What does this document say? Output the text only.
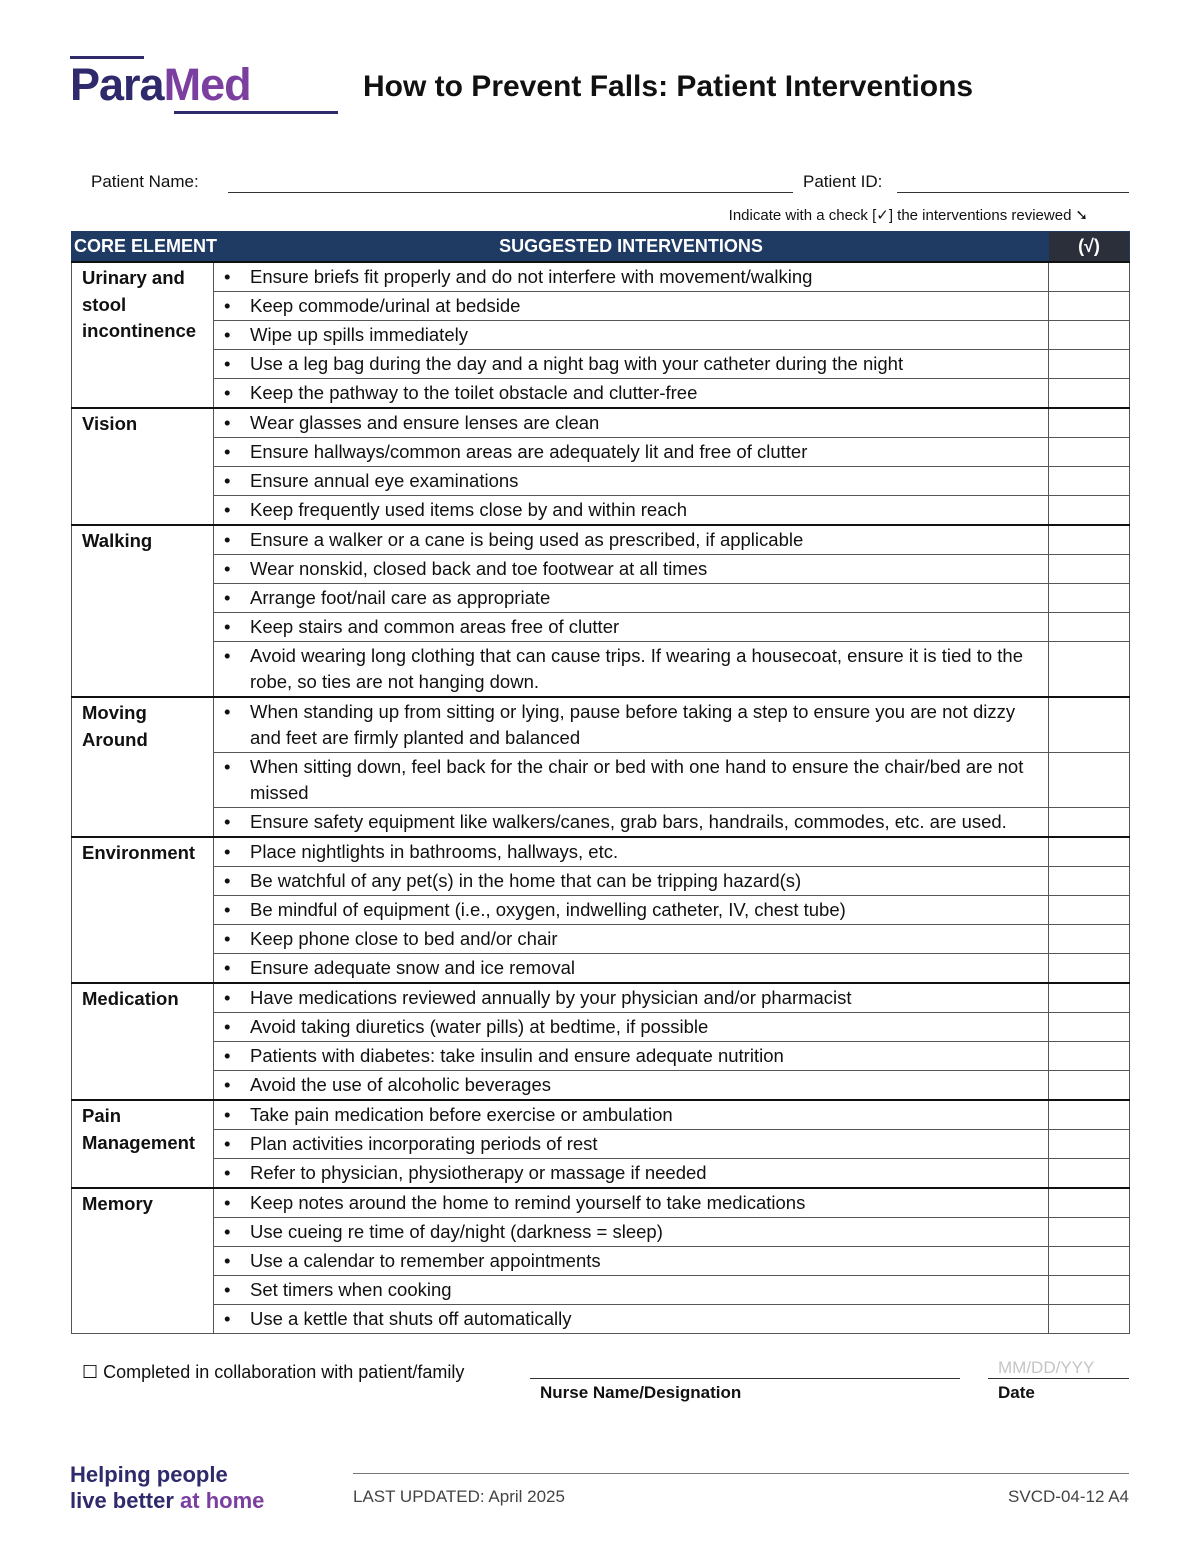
ParaMed	How to Prevent Falls: Patient Interventions
Patient Name:	Patient ID:
Indicate with a check [✓] the interventions reviewed ➘
CORE ELEMENT	SUGGESTED INTERVENTIONS	(√)
Urinary and stool incontinence	• Ensure briefs fit properly and do not interfere with movement/walking	

	• Keep commode/urinal at bedside	

	• Wipe up spills immediately	

	• Use a leg bag during the day and a night bag with your catheter during the night	

	• Keep the pathway to the toilet obstacle and clutter-free	

Vision	• Wear glasses and ensure lenses are clean	

	• Ensure hallways/common areas are adequately lit and free of clutter	

	• Ensure annual eye examinations	

	• Keep frequently used items close by and within reach	

Walking	• Ensure a walker or a cane is being used as prescribed, if applicable	

	• Wear nonskid, closed back and toe footwear at all times	

	• Arrange foot/nail care as appropriate	

	• Keep stairs and common areas free of clutter	

	• Avoid wearing long clothing that can cause trips. If wearing a housecoat, ensure it is tied to the robe, so ties are not hanging down.	

Moving Around	• When standing up from sitting or lying, pause before taking a step to ensure you are not dizzy and feet are firmly planted and balanced	

	• When sitting down, feel back for the chair or bed with one hand to ensure the chair/bed are not missed	

	• Ensure safety equipment like walkers/canes, grab bars, handrails, commodes, etc. are used.	

Environment	• Place nightlights in bathrooms, hallways, etc.	

	• Be watchful of any pet(s) in the home that can be tripping hazard(s)	

	• Be mindful of equipment (i.e., oxygen, indwelling catheter, IV, chest tube)	

	• Keep phone close to bed and/or chair	

	• Ensure adequate snow and ice removal	

Medication	• Have medications reviewed annually by your physician and/or pharmacist	

	• Avoid taking diuretics (water pills) at bedtime, if possible	

	• Patients with diabetes: take insulin and ensure adequate nutrition	

	• Avoid the use of alcoholic beverages	

Pain Management	• Take pain medication before exercise or ambulation	

	• Plan activities incorporating periods of rest	

	• Refer to physician, physiotherapy or massage if needed	

Memory	• Keep notes around the home to remind yourself to take medications	

	• Use cueing re time of day/night (darkness = sleep)	

	• Use a calendar to remember appointments	

	• Set timers when cooking	

	• Use a kettle that shuts off automatically	

☐ Completed in collaboration with patient/family
Nurse Name/Designation
MM/DD/YYY
Date
Helping people
live better at home	LAST UPDATED: April 2025	SVCD-04-12 A4
